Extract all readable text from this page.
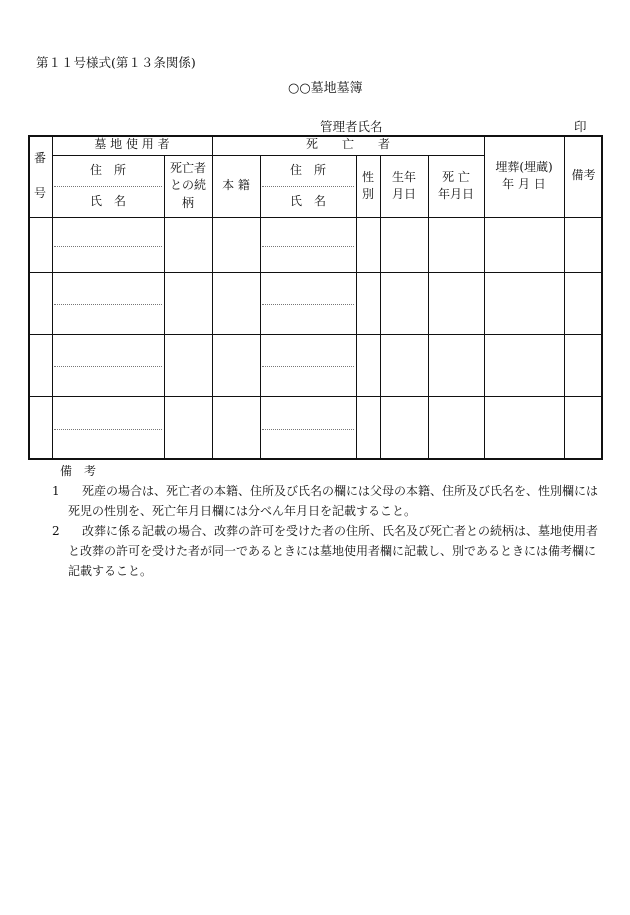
第１１号様式(第１３条関係)
○○墓地墓簿
管理者氏名	印
番

号
墓 地 使 用 者
住　所
氏　名
死亡者
との続
柄
死　　亡　　者
本 籍
住　所
氏　名
性
別
生年
月日
死 亡
年月日
埋葬(埋蔵)
年 月 日
備考
備　考

1 死産の場合は、死亡者の本籍、住所及び氏名の欄には父母の本籍、住所及び氏名を、性別欄には死児の性別を、死亡年月日欄には分べん年月日を記載すること。

2 改葬に係る記載の場合、改葬の許可を受けた者の住所、氏名及び死亡者との続柄は、墓地使用者と改葬の許可を受けた者が同一であるときには墓地使用者欄に記載し、別であるときには備考欄に記載すること。
